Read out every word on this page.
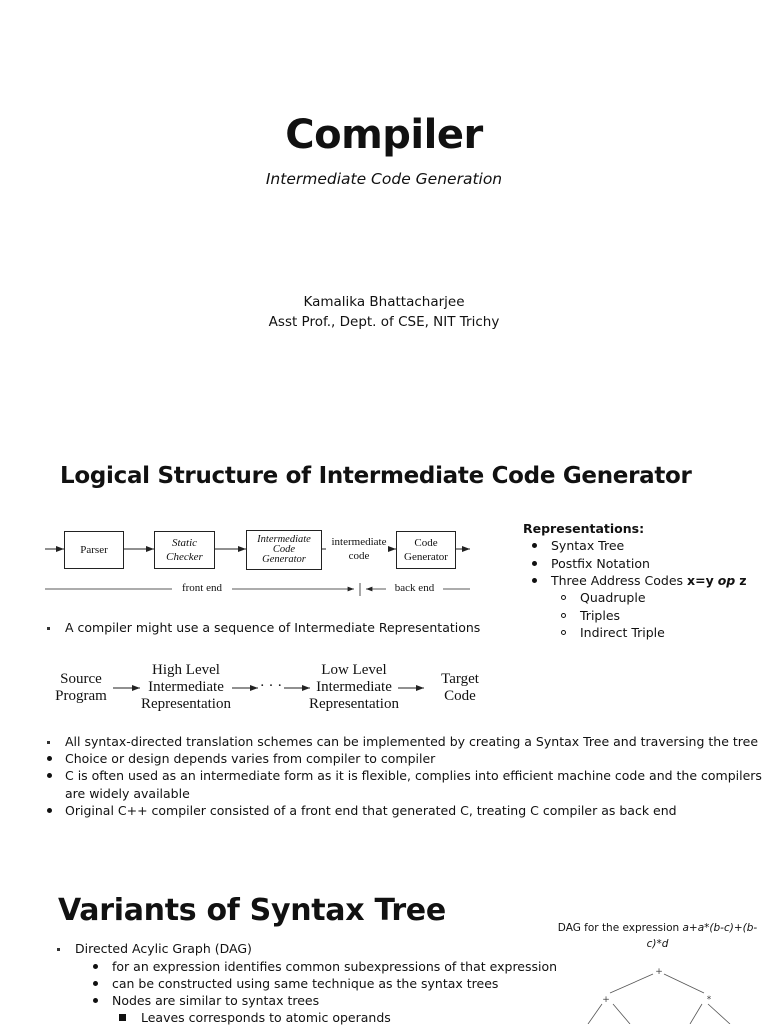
Compiler
Intermediate Code Generation
Kamalika Bhattacharjee
Asst Prof., Dept. of CSE, NIT Trichy
Logical Structure of Intermediate Code Generator
Parser
Static
Checker
Intermediate
Code
Generator
intermediate
code
Code
Generator
front end	back end
Representations:
Syntax Tree
Postfix Notation
Three Address Codes x=y op z
Quadruple
Triples
Indirect Triple
A compiler might use a sequence of Intermediate Representations
Source
Program
High Level
Intermediate
Representation
· · ·
Low Level
Intermediate
Representation
Target
Code
All syntax-directed translation schemes can be implemented by creating a Syntax Tree and traversing the tree
Choice or design depends varies from compiler to compiler
C is often used as an intermediate form as it is flexible, complies into efficient machine code and the compilers
are widely available
Original C++ compiler consisted of a front end that generated C, treating C compiler as back end
Variants of Syntax Tree	DAG for the expression a+a*(b-c)+(b-
c)*d
Directed Acylic Graph (DAG)
for an expression identifies common subexpressions of that expression
can be constructed using same technique as the syntax trees
Nodes are similar to syntax trees
Leaves corresponds to atomic operands
+
+	*
